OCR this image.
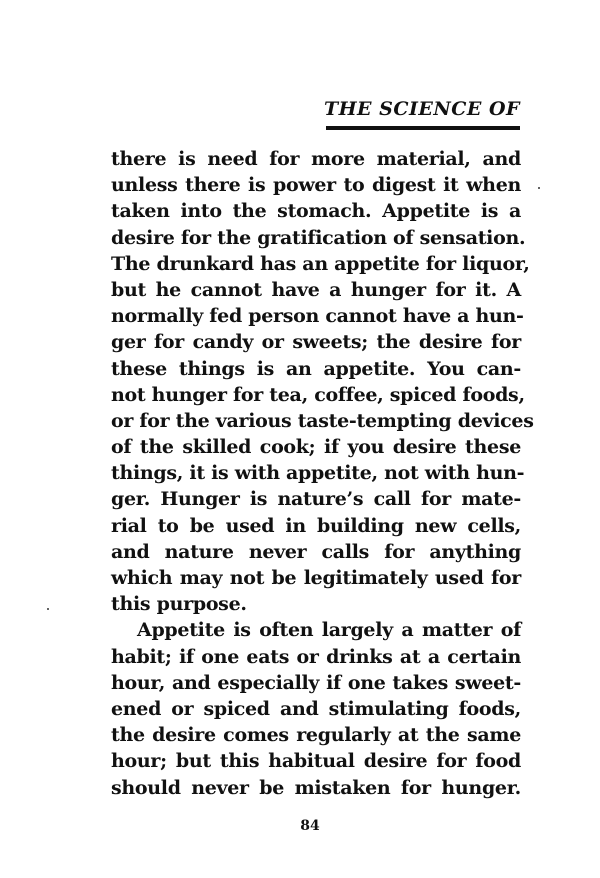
THE SCIENCE OF
there is need for more material, and
unless there is power to digest it when
taken into the stomach. Appetite is a
desire for the gratification of sensation.
The drunkard has an appetite for liquor,
but he cannot have a hunger for it. A
normally fed person cannot have a hun-
ger for candy or sweets; the desire for
these things is an appetite. You can-
not hunger for tea, coffee, spiced foods,
or for the various taste-tempting devices
of the skilled cook; if you desire these
things, it is with appetite, not with hun-
ger. Hunger is nature’s call for mate-
rial to be used in building new cells,
and nature never calls for anything
which may not be legitimately used for
this purpose.
Appetite is often largely a matter of
habit; if one eats or drinks at a certain
hour, and especially if one takes sweet-
ened or spiced and stimulating foods,
the desire comes regularly at the same
hour; but this habitual desire for food
should never be mistaken for hunger.
84
